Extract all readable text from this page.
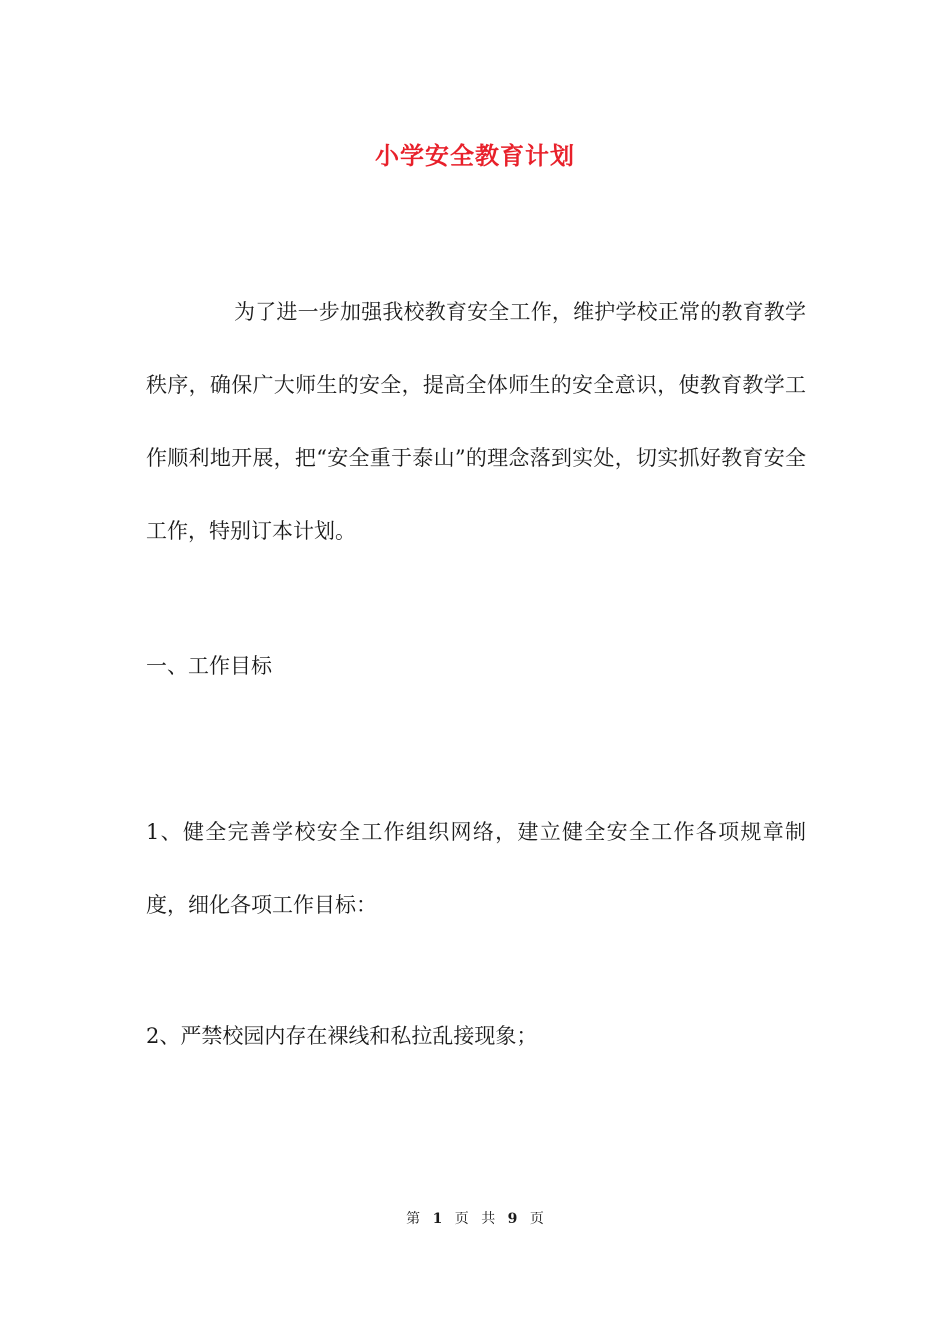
小学安全教育计划
为了进一步加强我校教育安全工作，维护学校正常的教育教学秩序，确保广大师生的安全，提高全体师生的安全意识，使教育教学工作顺利地开展，把“安全重于泰山”的理念落到实处，切实抓好教育安全工作，特别订本计划。
一、工作目标
1、健全完善学校安全工作组织网络，建立健全安全工作各项规章制度，细化各项工作目标：
2、严禁校园内存在裸线和私拉乱接现象；
第 1 页 共 9 页
